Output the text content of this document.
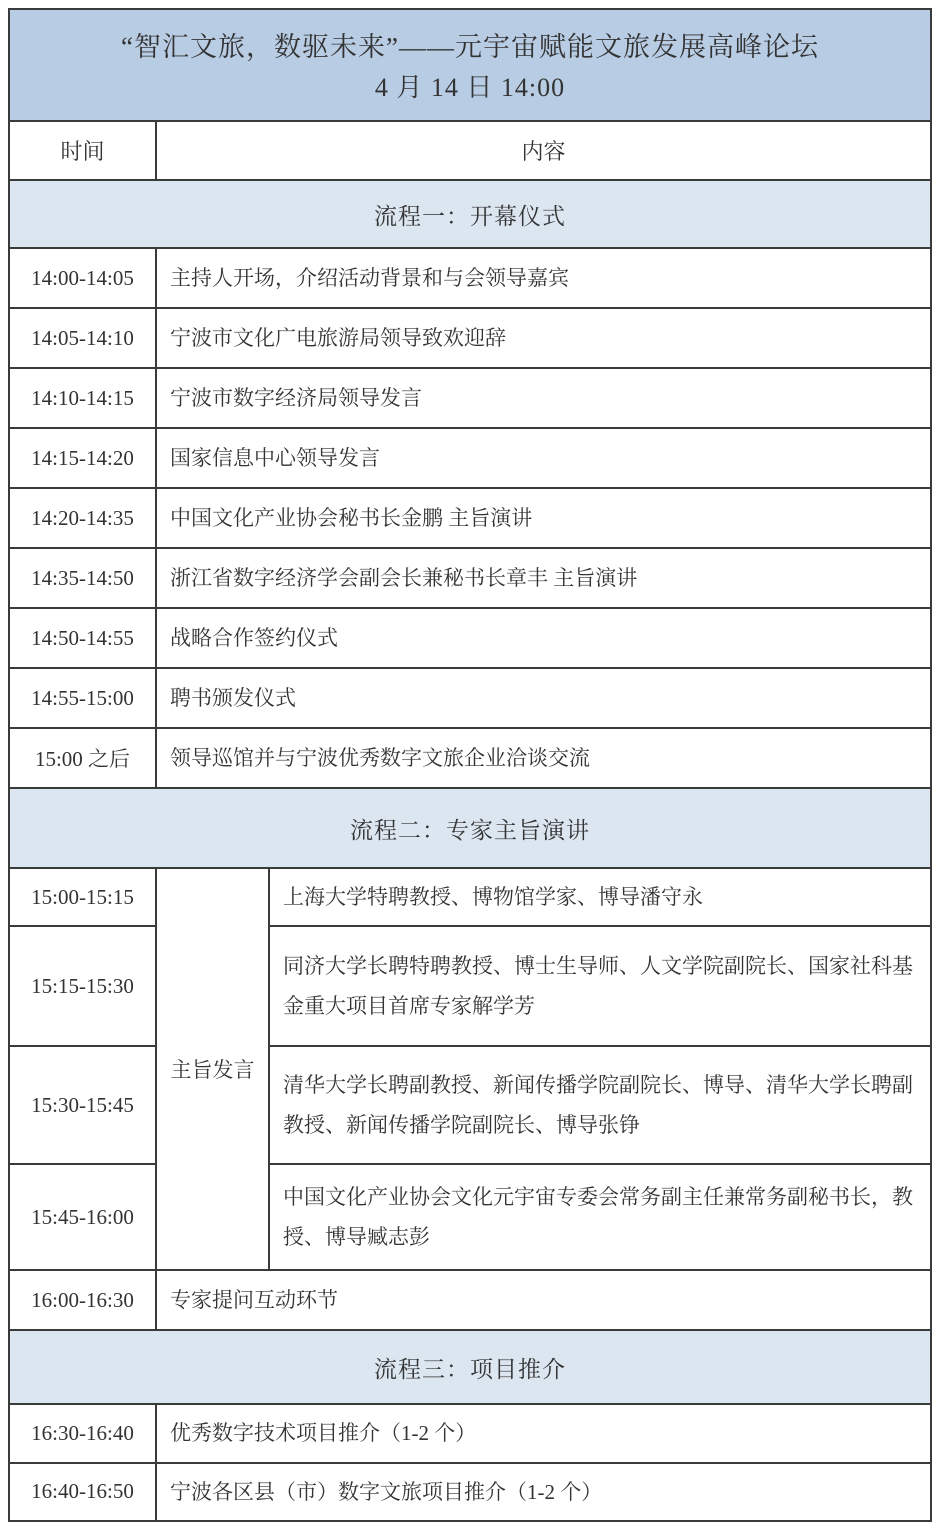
“智汇文旅，数驱未来”——元宇宙赋能文旅发展高峰论坛
4 月 14 日 14:00		

时间	内容	
流程一：开幕仪式		
14:00-14:05	主持人开场，介绍活动背景和与会领导嘉宾	
14:05-14:10	宁波市文化广电旅游局领导致欢迎辞	
14:10-14:15	宁波市数字经济局领导发言	
14:15-14:20	国家信息中心领导发言	
14:20-14:35	中国文化产业协会秘书长金鹏 主旨演讲	
14:35-14:50	浙江省数字经济学会副会长兼秘书长章丰 主旨演讲	
14:50-14:55	战略合作签约仪式	
14:55-15:00	聘书颁发仪式	
15:00 之后	领导巡馆并与宁波优秀数字文旅企业洽谈交流	
流程二：专家主旨演讲		
15:00-15:15	主旨发言	上海大学特聘教授、博物馆学家、博导潘守永
15:15-15:30		同济大学长聘特聘教授、博士生导师、人文学院副院长、国家社科基金重大项目首席专家解学芳
15:30-15:45		清华大学长聘副教授、新闻传播学院副院长、博导、清华大学长聘副教授、新闻传播学院副院长、博导张铮
15:45-16:00		中国文化产业协会文化元宇宙专委会常务副主任兼常务副秘书长，教授、博导臧志彭
16:00-16:30	专家提问互动环节	
流程三：项目推介		
16:30-16:40	优秀数字技术项目推介（1-2 个）	
16:40-16:50	宁波各区县（市）数字文旅项目推介（1-2 个）	
